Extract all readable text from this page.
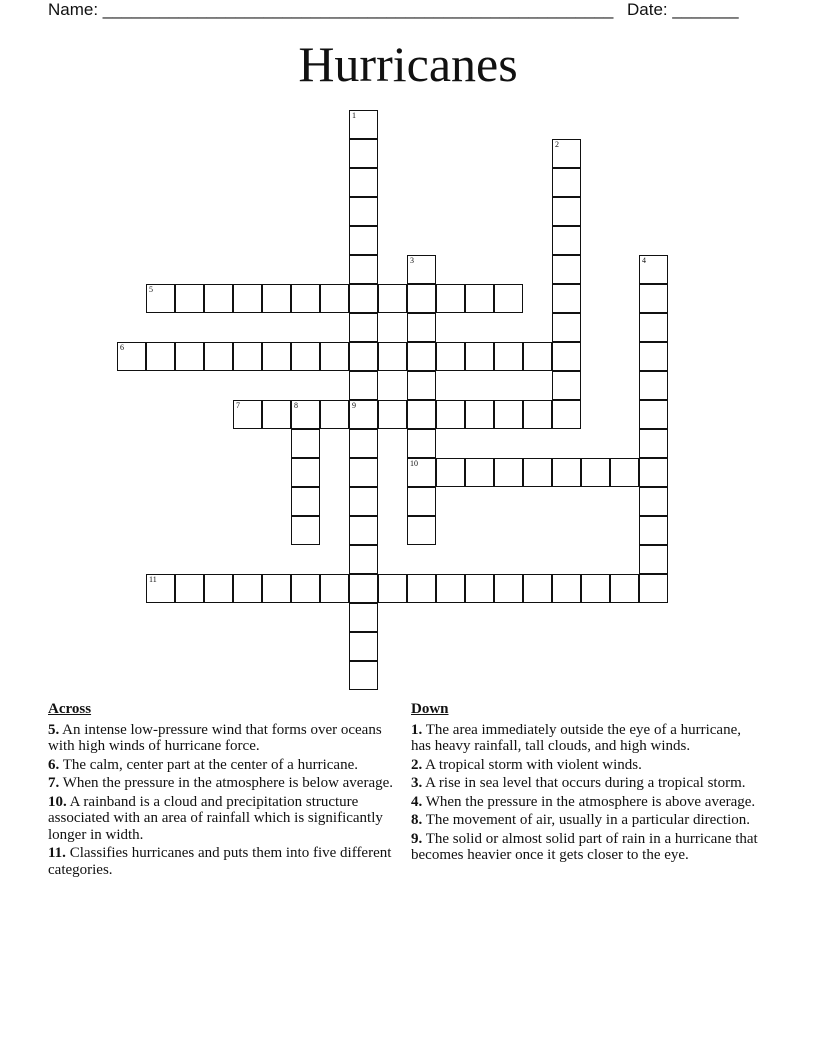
Name: ______________________________________________________ Date: _______
Hurricanes
1
2
3
10
4
5
6
7	8	9
11
Across
5. An intense low-pressure wind that forms over oceans with high winds of hurricane force.
6. The calm, center part at the center of a hurricane.
7. When the pressure in the atmosphere is below average.
10. A rainband is a cloud and precipitation structure associated with an area of rainfall which is significantly longer in width.
11. Classifies hurricanes and puts them into five different categories.
Down
1. The area immediately outside the eye of a hurricane, has heavy rainfall, tall clouds, and high winds.
2. A tropical storm with violent winds.
3. A rise in sea level that occurs during a tropical storm.
4. When the pressure in the atmosphere is above average.
8. The movement of air, usually in a particular direction.
9. The solid or almost solid part of rain in a hurricane that becomes heavier once it gets closer to the eye.
